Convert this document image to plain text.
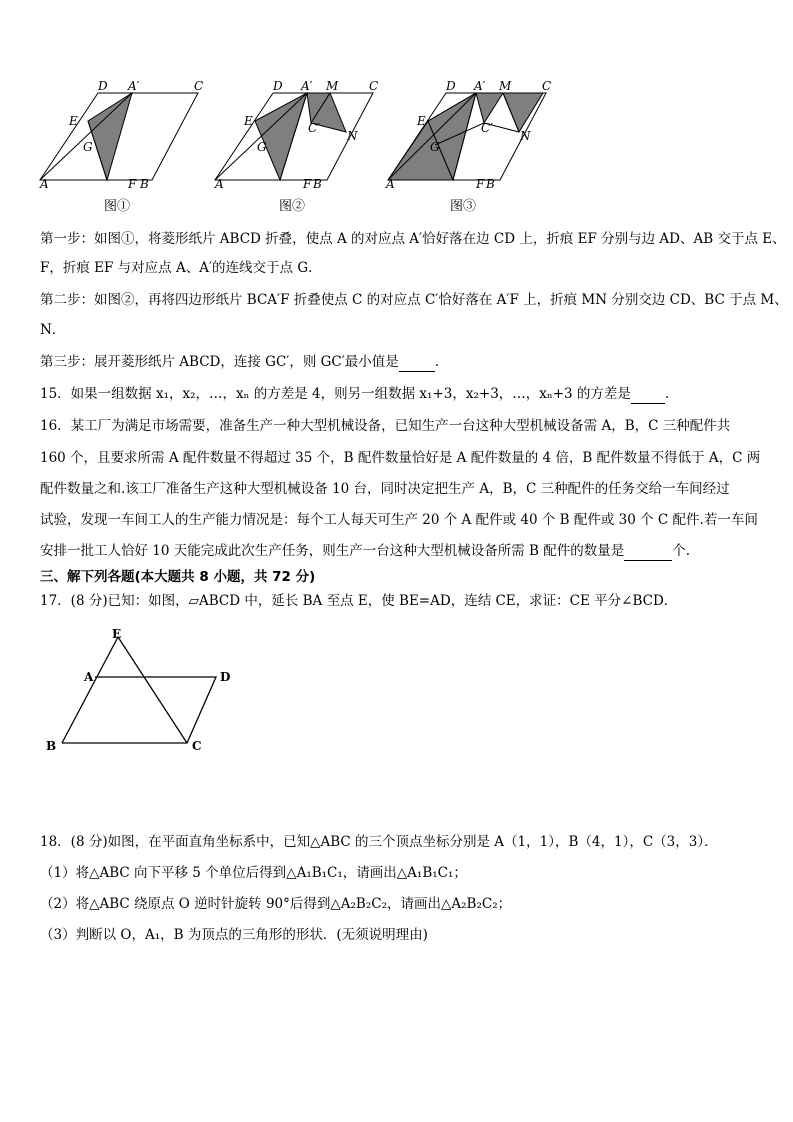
D A′	C
E
G
A	F B
图①
D A′ M	C
E	C′
N
G
A	F B
图②
D A′ M	C
E	C′
N
G
A	F B
图③
第一步：如图①，将菱形纸片 ABCD 折叠，使点 A 的对应点 A′恰好落在边 CD 上，折痕 EF 分别与边 AD、AB 交于点 E、
F，折痕 EF 与对应点 A、A′的连线交于点 G．
第二步：如图②，再将四边形纸片 BCA′F 折叠使点 C 的对应点 C′恰好落在 A′F 上，折痕 MN 分别交边 CD、BC 于点 M、
N．
第三步：展开菱形纸片 ABCD，连接 GC′，则 GC′最小值是	．
15．如果一组数据 x₁，x₂，…，xₙ 的方差是 4，则另一组数据 x₁+3，x₂+3，…，xₙ+3 的方差是	．
16．某工厂为满足市场需要，准备生产一种大型机械设备，已知生产一台这种大型机械设备需 A，B，C 三种配件共
160 个，且要求所需 A 配件数量不得超过 35 个，B 配件数量恰好是 A 配件数量的 4 倍，B 配件数量不得低于 A，C 两
配件数量之和.该工厂准备生产这种大型机械设备 10 台，同时决定把生产 A，B，C 三种配件的任务交给一车间经过
试验，发现一车间工人的生产能力情况是：每个工人每天可生产 20 个 A 配件或 40 个 B 配件或 30 个 C 配件.若一车间
安排一批工人恰好 10 天能完成此次生产任务，则生产一台这种大型机械设备所需 B 配件的数量是	个.
三、解下列各题(本大题共 8 小题，共 72 分)
17．(8 分)已知：如图，▱ABCD 中，延长 BA 至点 E，使 BE=AD，连结 CE，求证：CE 平分∠BCD．
E
A	D
B	C
18．(8 分)如图，在平面直角坐标系中，已知△ABC 的三个顶点坐标分别是 A（1，1），B（4，1），C（3，3）．
（1）将△ABC 向下平移 5 个单位后得到△A₁B₁C₁，请画出△A₁B₁C₁；
（2）将△ABC 绕原点 O 逆时针旋转 90°后得到△A₂B₂C₂，请画出△A₂B₂C₂；
（3）判断以 O，A₁，B 为顶点的三角形的形状．(无须说明理由)
